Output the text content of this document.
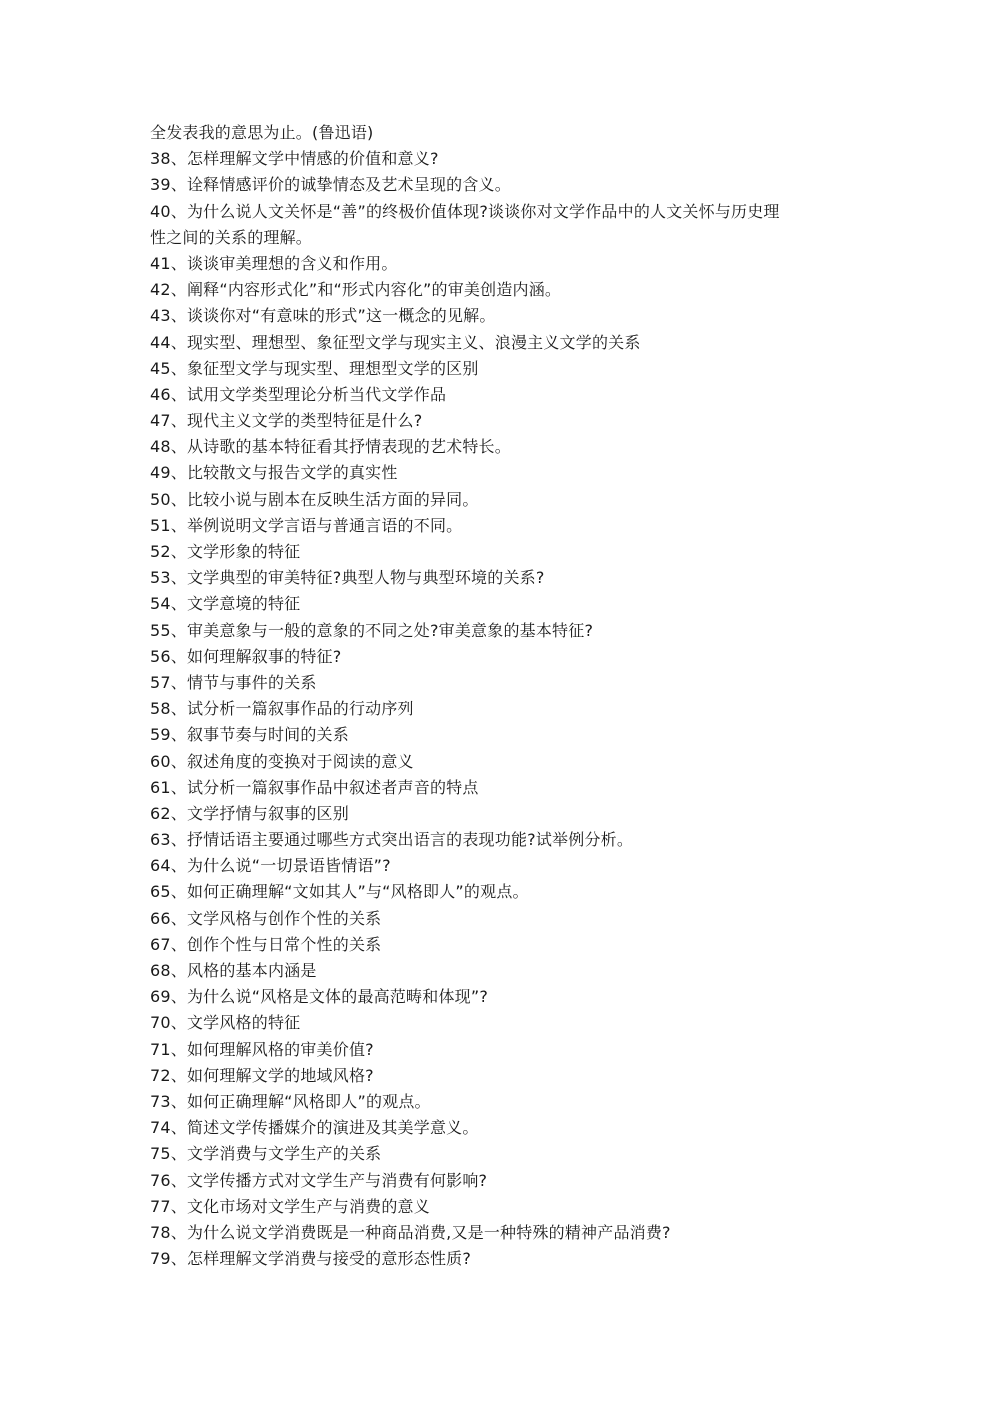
全发表我的意思为止。(鲁迅语)
38、怎样理解文学中情感的价值和意义?
39、诠释情感评价的诚挚情态及艺术呈现的含义。
40、为什么说人文关怀是“善”的终极价值体现?谈谈你对文学作品中的人文关怀与历史理
性之间的关系的理解。
41、谈谈审美理想的含义和作用。
42、阐释“内容形式化”和“形式内容化”的审美创造内涵。
43、谈谈你对“有意味的形式”这一概念的见解。
44、现实型、理想型、象征型文学与现实主义、浪漫主义文学的关系
45、象征型文学与现实型、理想型文学的区别
46、试用文学类型理论分析当代文学作品
47、现代主义文学的类型特征是什么?
48、从诗歌的基本特征看其抒情表现的艺术特长。
49、比较散文与报告文学的真实性
50、比较小说与剧本在反映生活方面的异同。
51、举例说明文学言语与普通言语的不同。
52、文学形象的特征
53、文学典型的审美特征?典型人物与典型环境的关系?
54、文学意境的特征
55、审美意象与一般的意象的不同之处?审美意象的基本特征?
56、如何理解叙事的特征?
57、情节与事件的关系
58、试分析一篇叙事作品的行动序列
59、叙事节奏与时间的关系
60、叙述角度的变换对于阅读的意义
61、试分析一篇叙事作品中叙述者声音的特点
62、文学抒情与叙事的区别
63、抒情话语主要通过哪些方式突出语言的表现功能?试举例分析。
64、为什么说“一切景语皆情语”?
65、如何正确理解“文如其人”与“风格即人”的观点。
66、文学风格与创作个性的关系
67、创作个性与日常个性的关系
68、风格的基本内涵是
69、为什么说“风格是文体的最高范畴和体现”?
70、文学风格的特征
71、如何理解风格的审美价值?
72、如何理解文学的地域风格?
73、如何正确理解“风格即人”的观点。
74、简述文学传播媒介的演进及其美学意义。
75、文学消费与文学生产的关系
76、文学传播方式对文学生产与消费有何影响?
77、文化市场对文学生产与消费的意义
78、为什么说文学消费既是一种商品消费,又是一种特殊的精神产品消费?
79、怎样理解文学消费与接受的意形态性质?
